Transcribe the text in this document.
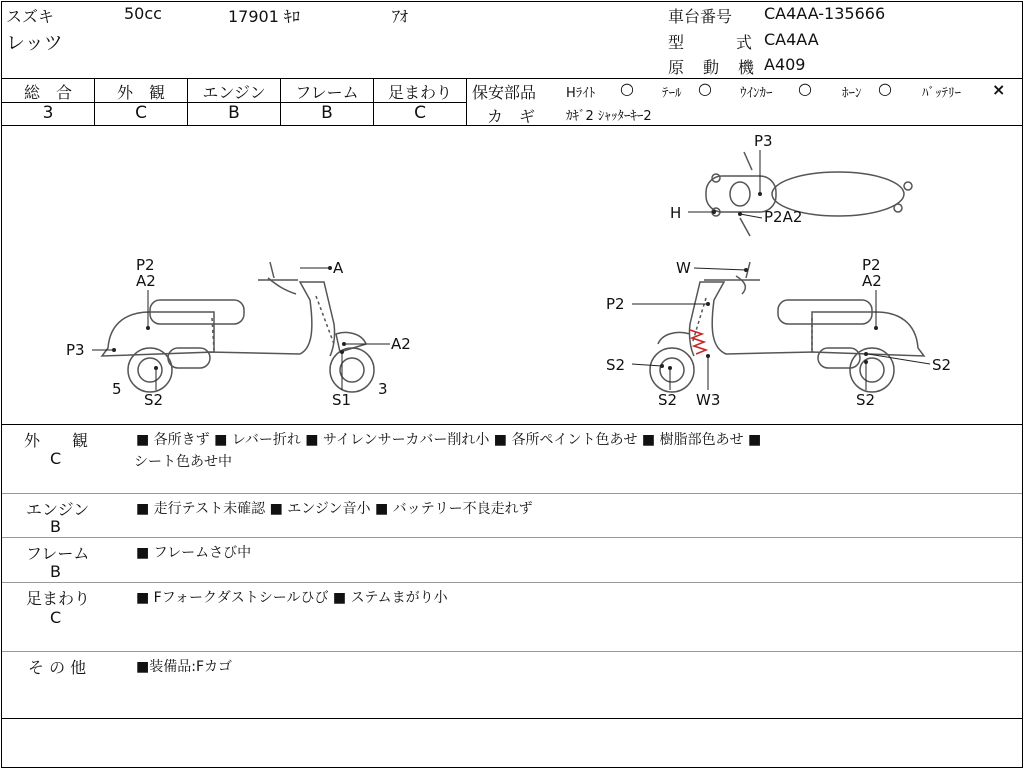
スズキ	50cc	17901 ｷﾛ	ｱｵ
レッツ
車台番号 CA4AA-135666
型	式 CA4AA
原 動 機 A409
総　合	外　観	エンジン	フレーム	足まわり
3	C	B	B	C
保安部品 Hﾗｲﾄ ○ ﾃｰﾙ ○ ｳｲﾝｶｰ ○ ﾎｰﾝ ○ ﾊﾞｯﾃﾘｰ ×
カ　ギ ｶｷﾞ2 ｼｬｯﾀｰｷｰ2
P2
A2
A
P3	A2
5
S2	S1
3
P3
H	P2A2
W	P2
A2
P2
S2
S2 W3
S2
S2
外　　観
C
■ 各所きず ■ レバー折れ ■ サイレンサーカバー削れ小 ■ 各所ペイント色あせ ■ 樹脂部色あせ ■
シート色あせ中
エンジン
B
■ 走行テスト未確認 ■ エンジン音小 ■ バッテリー不良走れず
フレーム
B
■ フレームさび中
足まわり
C
■ Fフォークダストシールひび ■ ステムまがり小
そ の 他	■装備品:Fカゴ
